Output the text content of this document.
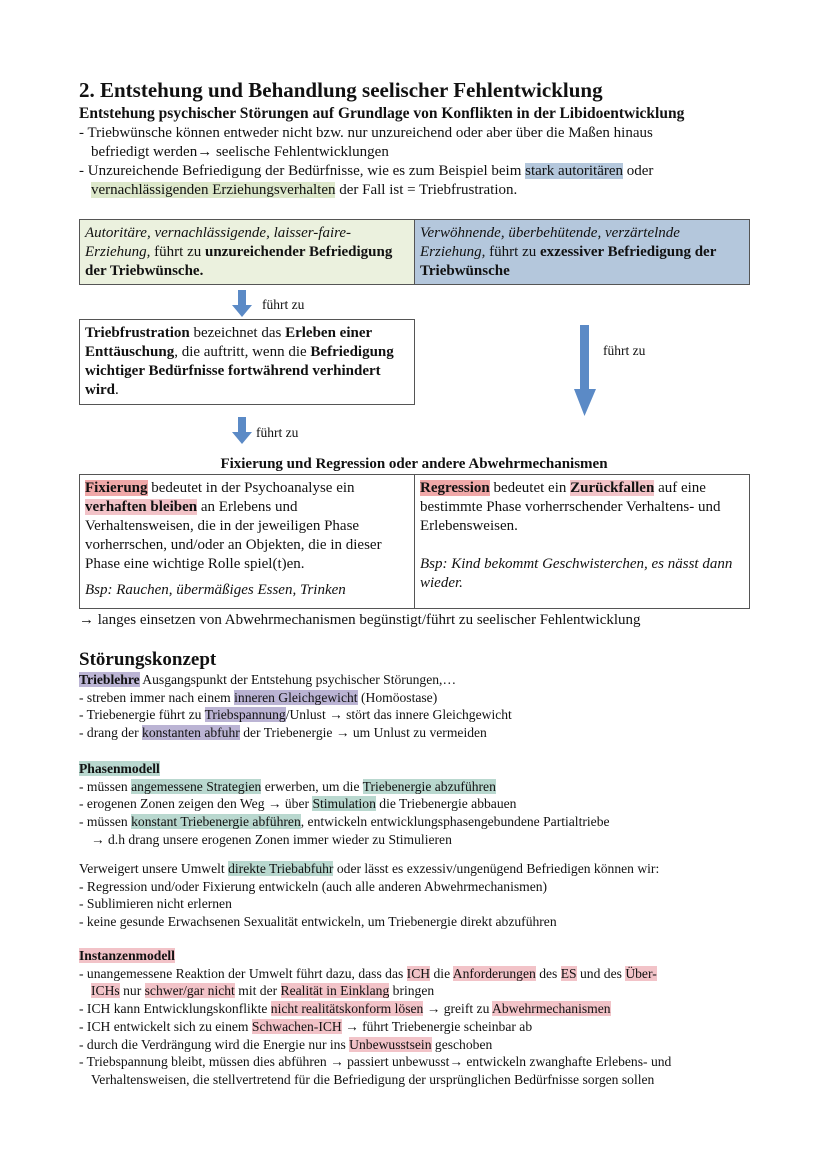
2. Entstehung und Behandlung seelischer Fehlentwicklung
Entstehung psychischer Störungen auf Grundlage von Konflikten in der Libidoentwicklung
- Triebwünsche können entweder nicht bzw. nur unzureichend oder aber über die Maßen hinaus
befriedigt werden→ seelische Fehlentwicklungen
- Unzureichende Befriedigung der Bedürfnisse, wie es zum Beispiel beim stark autoritären oder
vernachlässigenden Erziehungsverhalten der Fall ist = Triebfrustration.
Autoritäre, vernachlässigende, laisser-faire-Erziehung, führt zu unzureichender Befriedigung der Triebwünsche.
Verwöhnende, überbehütende, verzärtelnde Erziehung, führt zu exzessiver Befriedigung der Triebwünsche
führt zu
Triebfrustration bezeichnet das Erleben einer Enttäuschung, die auftritt, wenn die Befriedigung wichtiger Bedürfnisse fortwährend verhindert wird.
führt zu
führt zu
Fixierung und Regression oder andere Abwehrmechanismen
Fixierung bedeutet in der Psychoanalyse ein verhaften bleiben an Erlebens und Verhaltensweisen, die in der jeweiligen Phase vorherrschen, und/oder an Objekten, die in dieser Phase eine wichtige Rolle spiel(t)en.
Bsp: Rauchen, übermäßiges Essen, Trinken
Regression bedeutet ein Zurückfallen auf eine bestimmte Phase vorherrschender Verhaltens- und Erlebensweisen.
Bsp: Kind bekommt Geschwisterchen, es nässt dann wieder.
→ langes einsetzen von Abwehrmechanismen begünstigt/führt zu seelischer Fehlentwicklung
Störungskonzept
Trieblehre Ausgangspunkt der Entstehung psychischer Störungen,…
- streben immer nach einem inneren Gleichgewicht (Homöostase)
- Triebenergie führt zu Triebspannung/Unlust → stört das innere Gleichgewicht
- drang der konstanten abfuhr der Triebenergie → um Unlust zu vermeiden
Phasenmodell
- müssen angemessene Strategien erwerben, um die Triebenergie abzuführen
- erogenen Zonen zeigen den Weg → über Stimulation die Triebenergie abbauen
- müssen konstant Triebenergie abführen, entwickeln entwicklungsphasengebundene Partialtriebe
→ d.h drang unsere erogenen Zonen immer wieder zu Stimulieren
Verweigert unsere Umwelt direkte Triebabfuhr oder lässt es exzessiv/ungenügend Befriedigen können wir:
- Regression und/oder Fixierung entwickeln (auch alle anderen Abwehrmechanismen)
- Sublimieren nicht erlernen
- keine gesunde Erwachsenen Sexualität entwickeln, um Triebenergie direkt abzuführen
Instanzenmodell
- unangemessene Reaktion der Umwelt führt dazu, dass das ICH die Anforderungen des ES und des Über-
ICHs nur schwer/gar nicht mit der Realität in Einklang bringen
- ICH kann Entwicklungskonflikte nicht realitätskonform lösen → greift zu Abwehrmechanismen
- ICH entwickelt sich zu einem Schwachen-ICH → führt Triebenergie scheinbar ab
- durch die Verdrängung wird die Energie nur ins Unbewusstsein geschoben
- Triebspannung bleibt, müssen dies abführen → passiert unbewusst→ entwickeln zwanghafte Erlebens- und
Verhaltensweisen, die stellvertretend für die Befriedigung der ursprünglichen Bedürfnisse sorgen sollen
